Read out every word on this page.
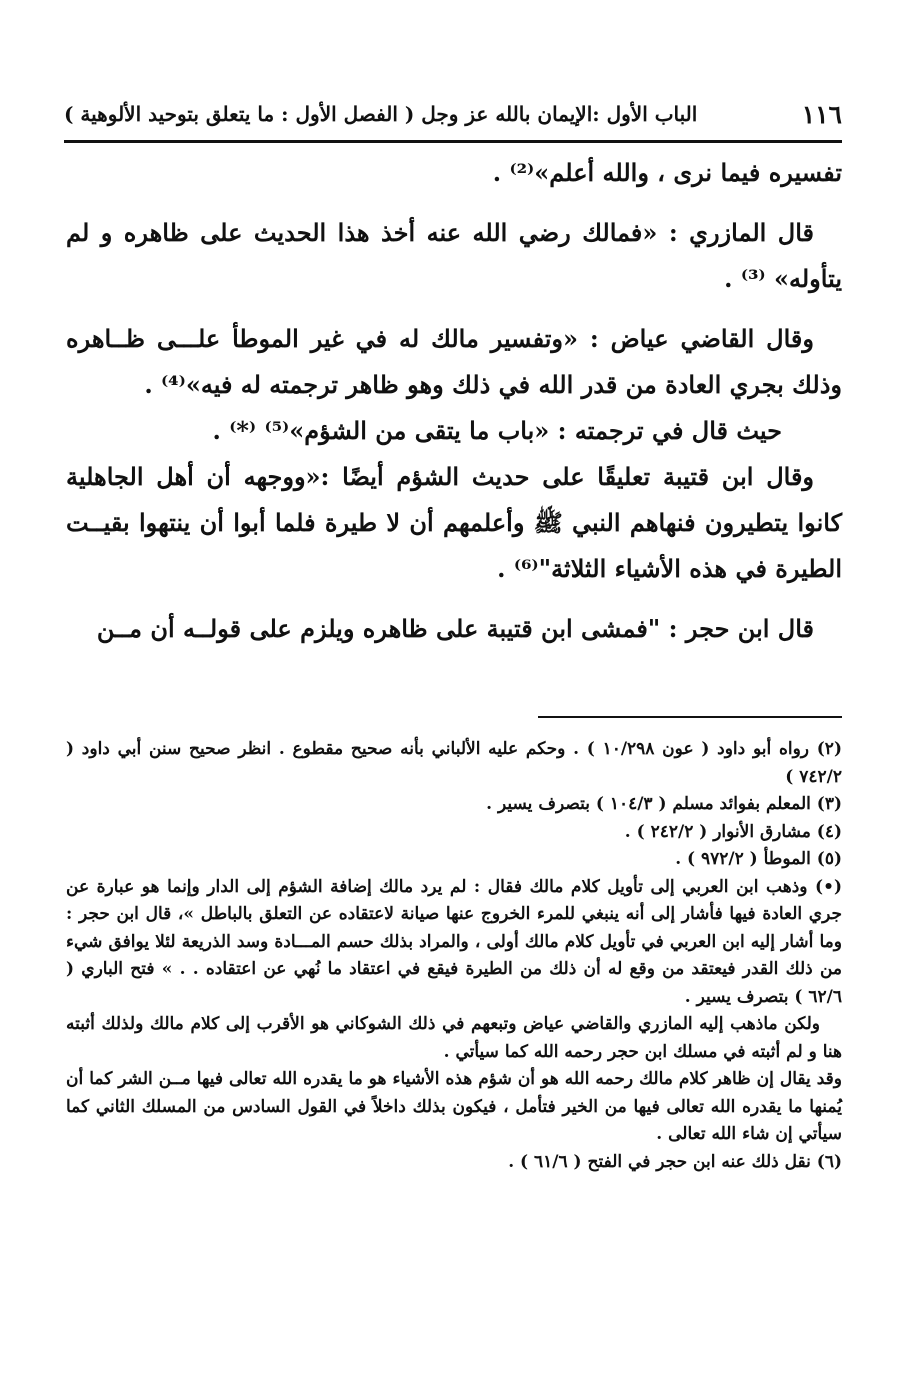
١١٦
الباب الأول :الإيمان بالله عز وجل ( الفصل الأول : ما يتعلق بتوحيد الألوهية )

تفسيره فيما نرى ، والله أعلم»⁽²⁾ .

قال المازري : «فمالك رضي الله عنه أخذ هذا الحديث على ظاهره و لم يتأوله» ⁽³⁾ .

وقال القاضي عياض : «وتفسير مالك له في غير الموطأ علـــى ظــاهره وذلك بجري العادة من قدر الله في ذلك وهو ظاهر ترجمته له فيه»⁽⁴⁾ .

حيث قال في ترجمته : «باب ما يتقى من الشؤم»⁽⁵⁾ ⁽*⁾ .

وقال ابن قتيبة تعليقًا على حديث الشؤم أيضًا :«ووجهه أن أهل الجاهلية كانوا يتطيرون فنهاهم النبي ﷺ وأعلمهم أن لا طيرة فلما أبوا أن ينتهوا بقيــت الطيرة في هذه الأشياء الثلاثة"⁽⁶⁾ .

قال ابن حجر : "فمشى ابن قتيبة على ظاهره ويلزم على قولــه أن مــن

(٢) رواه أبو داود ( عون ١٠/٢٩٨ ) . وحكم عليه الألباني بأنه صحيح مقطوع . انظر صحيح سنن أبي داود ( ٧٤٢/٢ )

(٣) المعلم بفوائد مسلم ( ١٠٤/٣ ) بتصرف يسير .

(٤) مشارق الأنوار ( ٢٤٢/٢ ) .

(٥) الموطأ ( ٩٧٢/٢ ) .

(•) وذهب ابن العربي إلى تأويل كلام مالك فقال : لم يرد مالك إضافة الشؤم إلى الدار وإنما هو عبارة عن جري العادة فيها فأشار إلى أنه ينبغي للمرء الخروج عنها صيانة لاعتقاده عن التعلق بالباطل »، قال ابن حجر : وما أشار إليه ابن العربي في تأويل كلام مالك أولى ، والمراد بذلك حسم المـــادة وسد الذريعة لئلا يوافق شيء من ذلك القدر فيعتقد من وقع له أن ذلك من الطيرة فيقع في اعتقاد ما نُهي عن اعتقاده . . » فتح الباري ( ٦٢/٦ ) بتصرف يسير .

ولكن ماذهب إليه المازري والقاضي عياض وتبعهم في ذلك الشوكاني هو الأقرب إلى كلام مالك ولذلك أثبته هنا و لم أثبته في مسلك ابن حجر رحمه الله كما سيأتي .

وقد يقال إن ظاهر كلام مالك رحمه الله هو أن شؤم هذه الأشياء هو ما يقدره الله تعالى فيها مــن الشر كما أن يُمنها ما يقدره الله تعالى فيها من الخير فتأمل ، فيكون بذلك داخلاً في القول السادس من المسلك الثاني كما سيأتي إن شاء الله تعالى .

(٦) نقل ذلك عنه ابن حجر في الفتح ( ٦١/٦ ) .
